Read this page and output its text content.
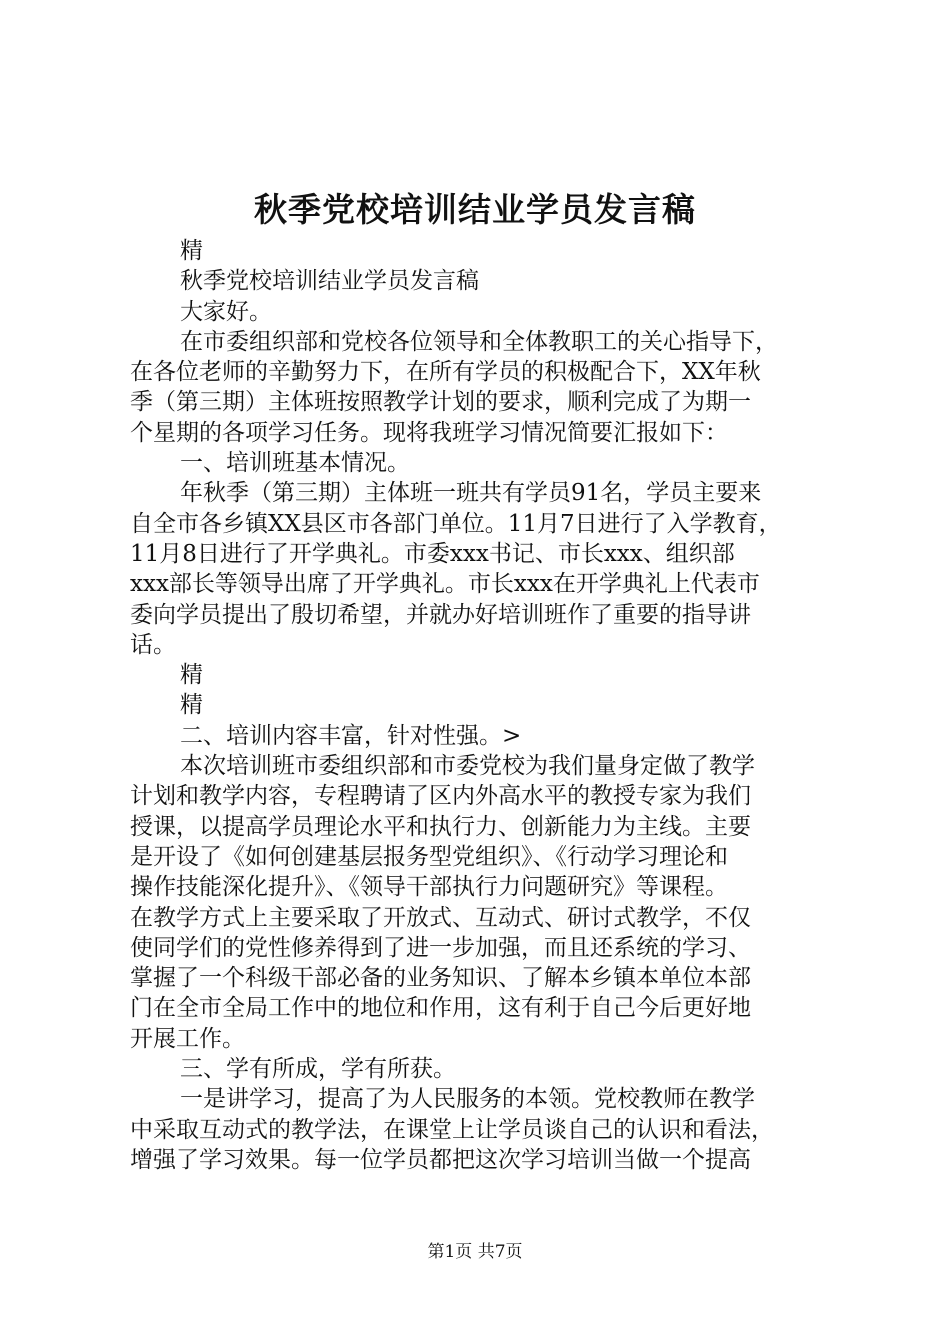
秋季党校培训结业学员发言稿
精
秋季党校培训结业学员发言稿
大家好。
在市委组织部和党校各位领导和全体教职工的关心指导下，
在各位老师的辛勤努力下，在所有学员的积极配合下，XX年秋
季（第三期）主体班按照教学计划的要求，顺利完成了为期一
个星期的各项学习任务。现将我班学习情况简要汇报如下：
一、培训班基本情况。
年秋季（第三期）主体班一班共有学员91名，学员主要来
自全市各乡镇XX县区市各部门单位。11月7日进行了入学教育，
11月8日进行了开学典礼。市委xxx书记、市长xxx、组织部
xxx部长等领导出席了开学典礼。市长xxx在开学典礼上代表市
委向学员提出了殷切希望，并就办好培训班作了重要的指导讲
话。
精
精
二、培训内容丰富，针对性强。>
本次培训班市委组织部和市委党校为我们量身定做了教学
计划和教学内容，专程聘请了区内外高水平的教授专家为我们
授课，以提高学员理论水平和执行力、创新能力为主线。主要
是开设了《如何创建基层报务型党组织》、《行动学习理论和
操作技能深化提升》、《领导干部执行力问题研究》等课程。
在教学方式上主要采取了开放式、互动式、研讨式教学，不仅
使同学们的党性修养得到了进一步加强，而且还系统的学习、
掌握了一个科级干部必备的业务知识、了解本乡镇本单位本部
门在全市全局工作中的地位和作用，这有利于自己今后更好地
开展工作。
三、学有所成，学有所获。
一是讲学习，提高了为人民服务的本领。党校教师在教学
中采取互动式的教学法，在课堂上让学员谈自己的认识和看法，
增强了学习效果。每一位学员都把这次学习培训当做一个提高
第1页 共7页
